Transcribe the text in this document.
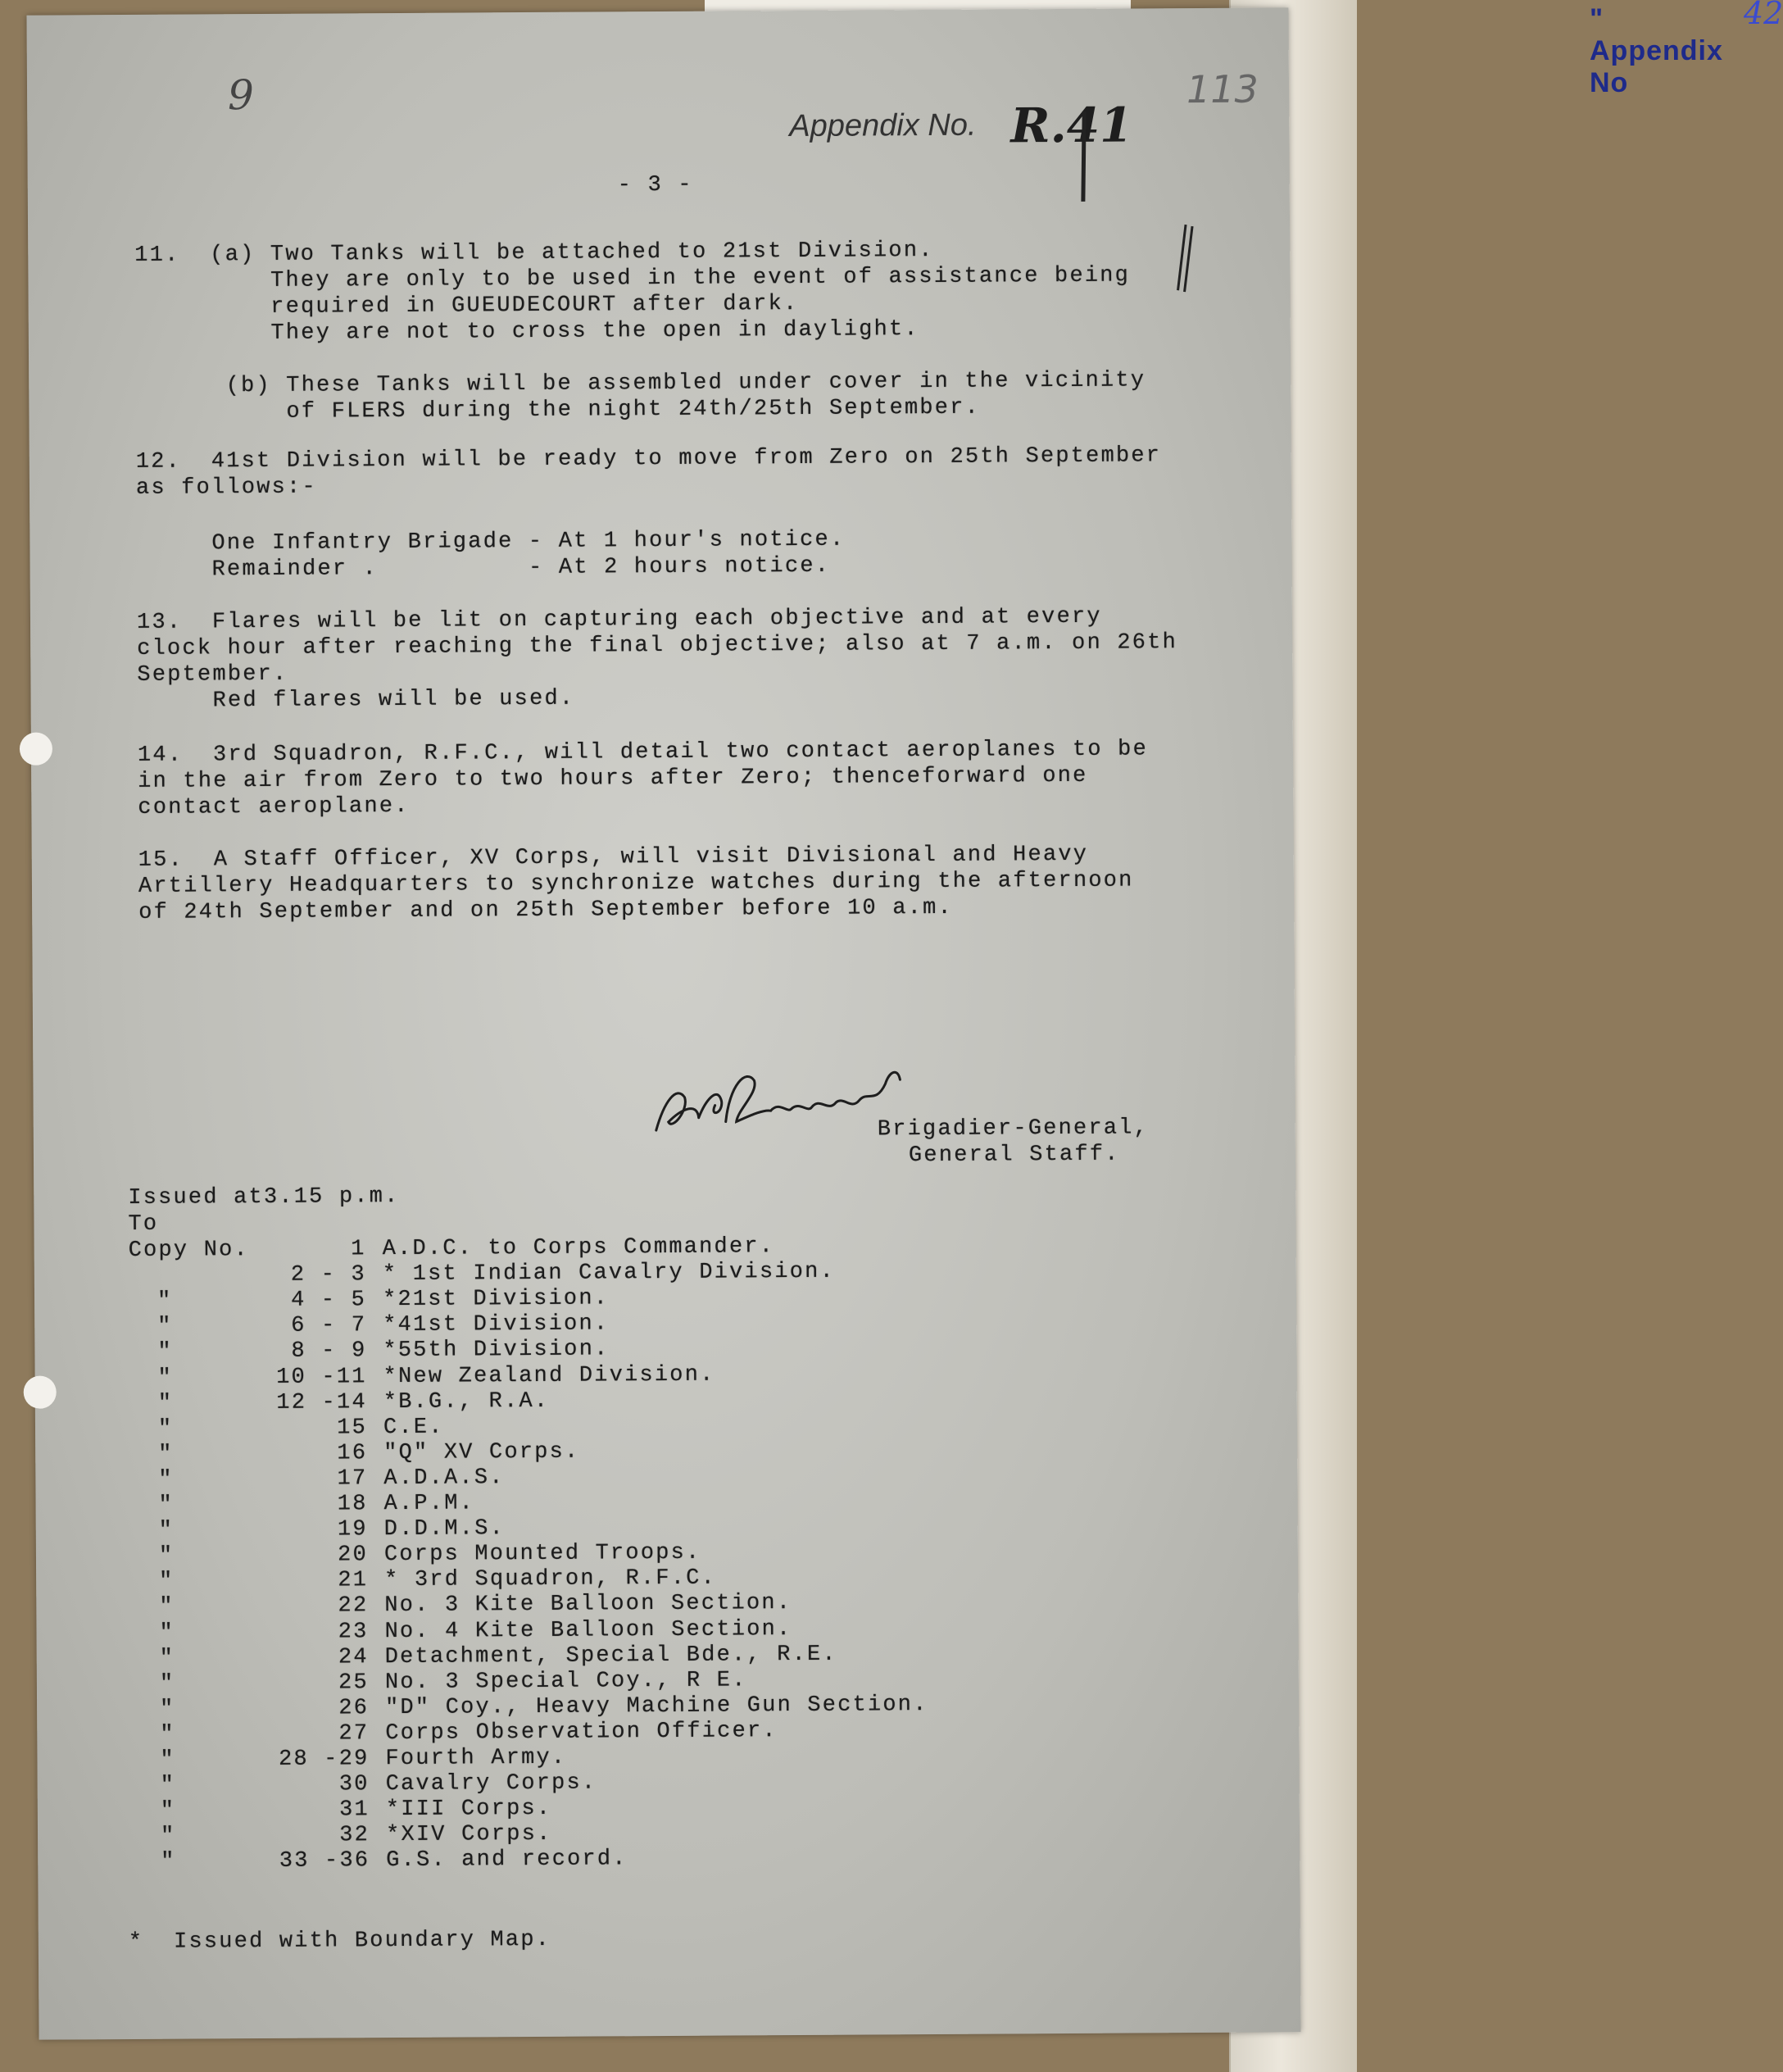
" Appendix No
42
9	113
Appendix No. R.41
- 3 -
11.  (a) Two Tanks will be attached to 21st Division.
They are only to be used in the event of assistance being
required in GUEUDECOURT after dark.
They are not to cross the open in daylight.
(b) These Tanks will be assembled under cover in the vicinity
of FLERS during the night 24th/25th September.
12.  41st Division will be ready to move from Zero on 25th September
as follows:-
One Infantry Brigade - At 1 hour's notice.
Remainder .          - At 2 hours notice.
13.  Flares will be lit on capturing each objective and at every
clock hour after reaching the final objective; also at 7 a.m. on 26th
September.
Red flares will be used.
14.  3rd Squadron, R.F.C., will detail two contact aeroplanes to be
in the air from Zero to two hours after Zero; thenceforward one
contact aeroplane.
15.  A Staff Officer, XV Corps, will visit Divisional and Heavy
Artillery Headquarters to synchronize watches during the afternoon
of 24th September and on 25th September before 10 a.m.
Brigadier-General,
General Staff.
Issued at3.15 p.m.
To
Copy No.	1 A.D.C. to Corps Commander.
2 - 3 * 1st Indian Cavalry Division.
"	4 - 5 *21st Division.
"	6 - 7 *41st Division.
"	8 - 9 *55th Division.
"	10 -11 *New Zealand Division.
"	12 -14 *B.G., R.A.
"	15 C.E.
"	16 "Q" XV Corps.
"	17 A.D.A.S.
"	18 A.P.M.
"	19 D.D.M.S.
"	20 Corps Mounted Troops.
"	21 * 3rd Squadron, R.F.C.
"	22 No. 3 Kite Balloon Section.
"	23 No. 4 Kite Balloon Section.
"	24 Detachment, Special Bde., R.E.
"	25 No. 3 Special Coy., R E.
"	26 "D" Coy., Heavy Machine Gun Section.
"	27 Corps Observation Officer.
"	28 -29 Fourth Army.
"	30 Cavalry Corps.
"	31 *III Corps.
"	32 *XIV Corps.
"	33 -36 G.S. and record.
*  Issued with Boundary Map.
